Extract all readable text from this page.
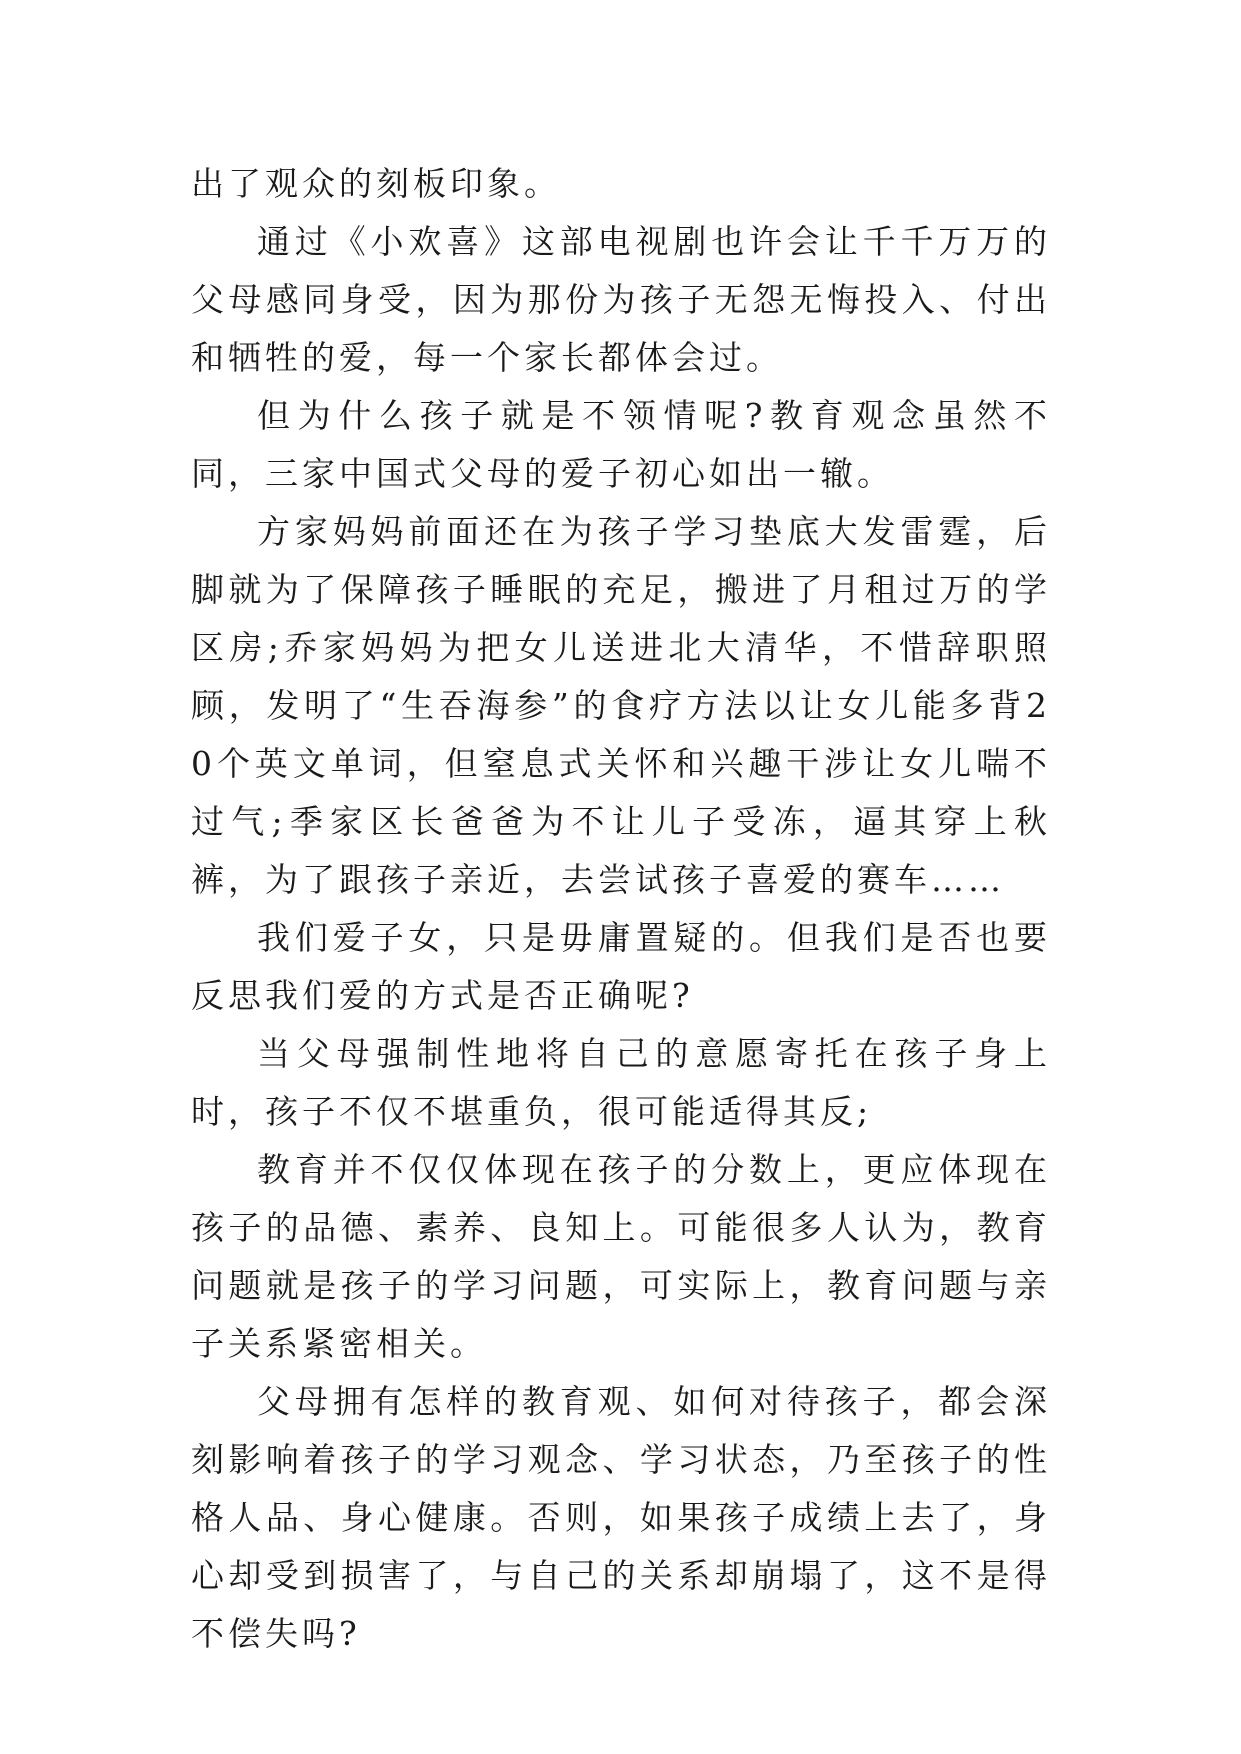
出了观众的刻板印象。

通过《小欢喜》这部电视剧也许会让千千万万的父母感同身受，因为那份为孩子无怨无悔投入、付出和牺牲的爱，每一个家长都体会过。

但为什么孩子就是不领情呢?教育观念虽然不同，三家中国式父母的爱子初心如出一辙。

方家妈妈前面还在为孩子学习垫底大发雷霆，后脚就为了保障孩子睡眠的充足，搬进了月租过万的学区房;乔家妈妈为把女儿送进北大清华，不惜辞职照顾，发明了“生吞海参”的食疗方法以让女儿能多背20个英文单词，但窒息式关怀和兴趣干涉让女儿喘不过气;季家区长爸爸为不让儿子受冻，逼其穿上秋裤，为了跟孩子亲近，去尝试孩子喜爱的赛车……

我们爱子女，只是毋庸置疑的。但我们是否也要反思我们爱的方式是否正确呢?

当父母强制性地将自己的意愿寄托在孩子身上时，孩子不仅不堪重负，很可能适得其反;

教育并不仅仅体现在孩子的分数上，更应体现在孩子的品德、素养、良知上。可能很多人认为，教育问题就是孩子的学习问题，可实际上，教育问题与亲子关系紧密相关。

父母拥有怎样的教育观、如何对待孩子，都会深刻影响着孩子的学习观念、学习状态，乃至孩子的性格人品、身心健康。否则，如果孩子成绩上去了，身心却受到损害了，与自己的关系却崩塌了，这不是得不偿失吗?
